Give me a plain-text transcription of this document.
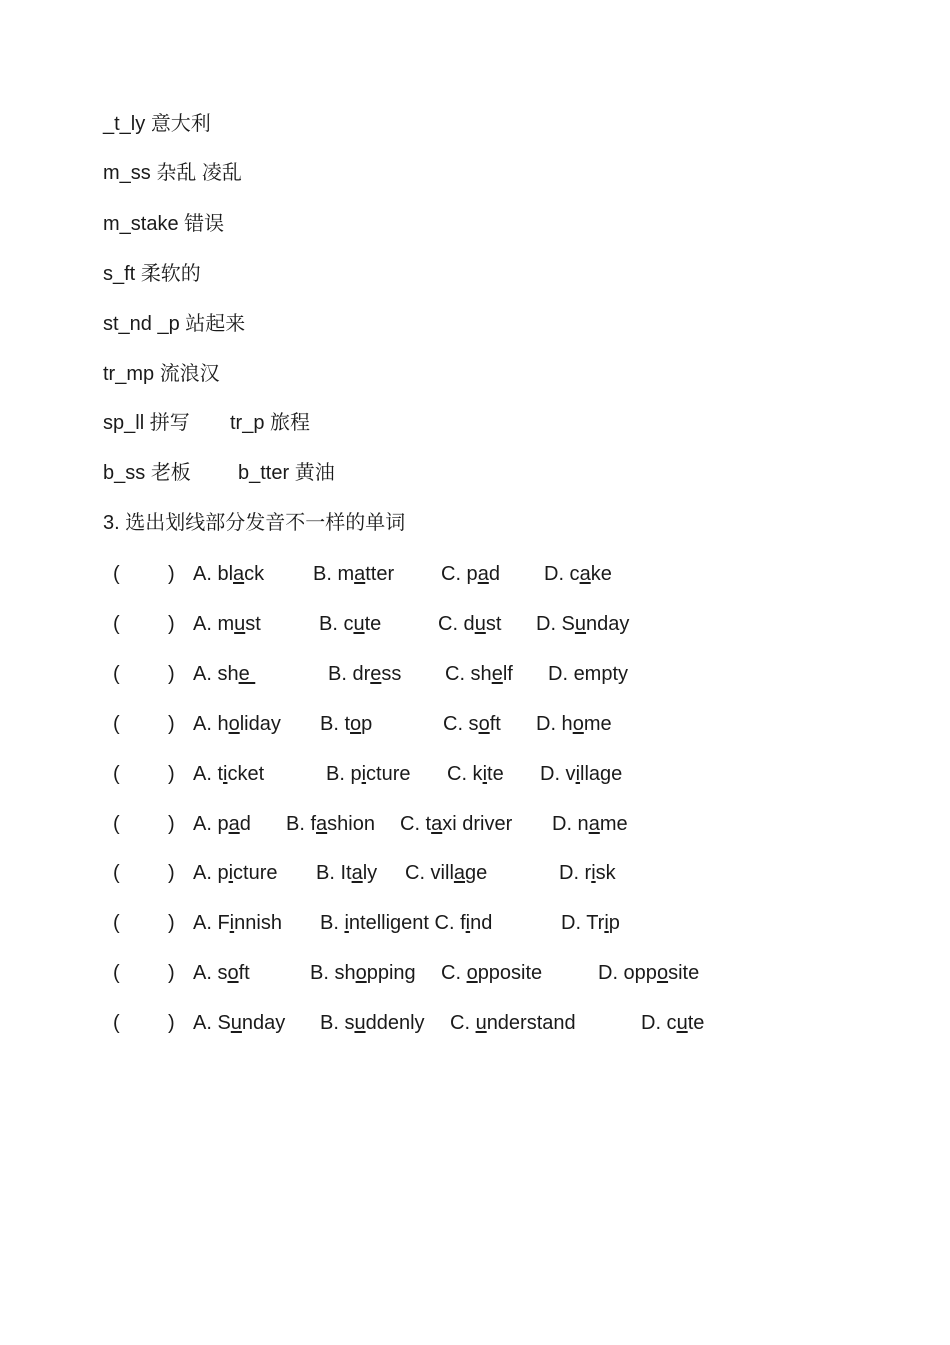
_t_ly 意大利
m_ss 杂乱 凌乱
m_stake 错误
s_ft 柔软的
st_nd _p 站起来
tr_mp 流浪汉
sp_ll 拼写 tr_p 旅程
b_ss 老板 b_tter 黄油
3. 选出划线部分发音不一样的单词
( ) A. black B. matter C. pad D. cake
( ) A. must	B. cute	C. dust D. Sunday
( ) A. she	B. dress C. shelf D. empty
( ) A. holiday B. top	C. soft D. home
( ) A. ticket	B. picture C. kite D. village
( ) A. pad B. fashion C. taxi driver D. name
( ) A. picture B. Italy C. village	D. risk
( ) A. Finnish B. intelligent C. find	D. Trip
( ) A. soft	B. shopping C. opposite	D. opposite
( ) A. Sunday B. suddenly C. understand	D. cute
